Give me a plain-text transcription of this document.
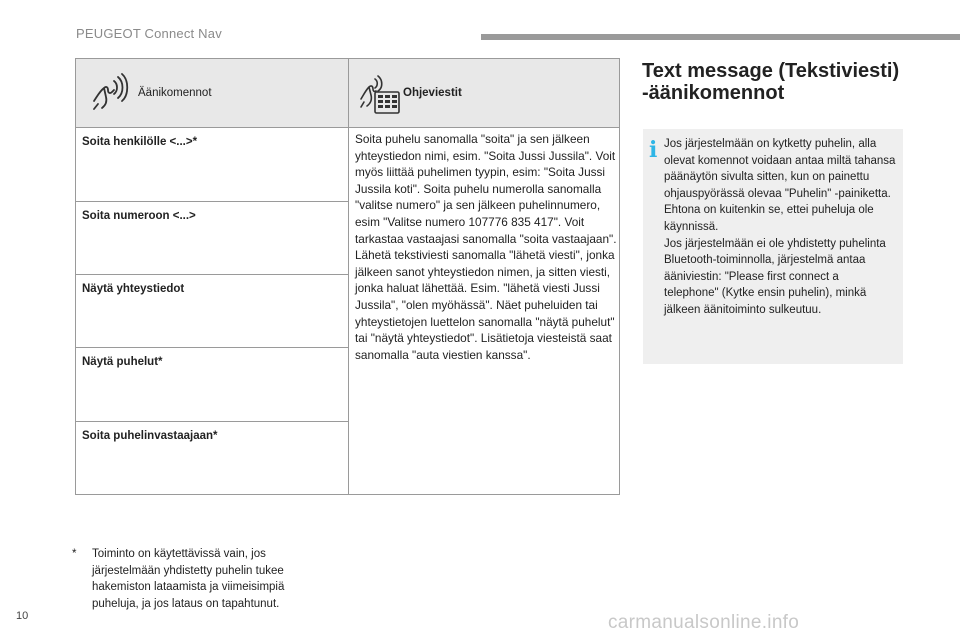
PEUGEOT Connect Nav
Äänikomennot	Ohjeviestit
Soita henkilölle <...>*
Soita numeroon <...>
Näytä yhteystiedot
Näytä puhelut*
Soita puhelinvastaajaan*
Soita puhelu sanomalla "soita" ja sen jälkeen yhteystiedon nimi, esim. "Soita Jussi Jussila". Voit myös liittää puhelimen tyypin, esim: "Soita Jussi Jussila koti". Soita puhelu numerolla sanomalla "valitse numero" ja sen jälkeen puhelinnumero, esim "Valitse numero 107776 835 417". Voit tarkastaa vastaajasi sanomalla "soita vastaajaan". Lähetä tekstiviesti sanomalla "lähetä viesti", jonka jälkeen sanot yhteystiedon nimen, ja sitten viesti, jonka haluat lähettää. Esim. "lähetä viesti Jussi Jussila", "olen myöhässä". Näet puheluiden tai yhteystietojen luettelon sanomalla "näytä puhelut" tai "näytä yhteystiedot". Lisätietoja viesteistä saat sanomalla "auta viestien kanssa".
* Toiminto on käytettävissä vain, jos järjestelmään yhdistetty puhelin tukee hakemiston lataamista ja viimeisimpiä puheluja, ja jos lataus on tapahtunut.
Text message (Tekstiviesti)
-äänikomennot
i Jos järjestelmään on kytketty puhelin, alla olevat komennot voidaan antaa miltä tahansa päänäytön sivulta sitten, kun on painettu ohjauspyörässä olevaa "Puhelin" -painiketta. Ehtona on kuitenkin se, ettei puheluja ole käynnissä.

Jos järjestelmään ei ole yhdistetty puhelinta Bluetooth-toiminnolla, järjestelmä antaa ääniviestin: "Please first connect a telephone" (Kytke ensin puhelin), minkä jälkeen äänitoiminto sulkeutuu.

10	carmanualsonline.info
